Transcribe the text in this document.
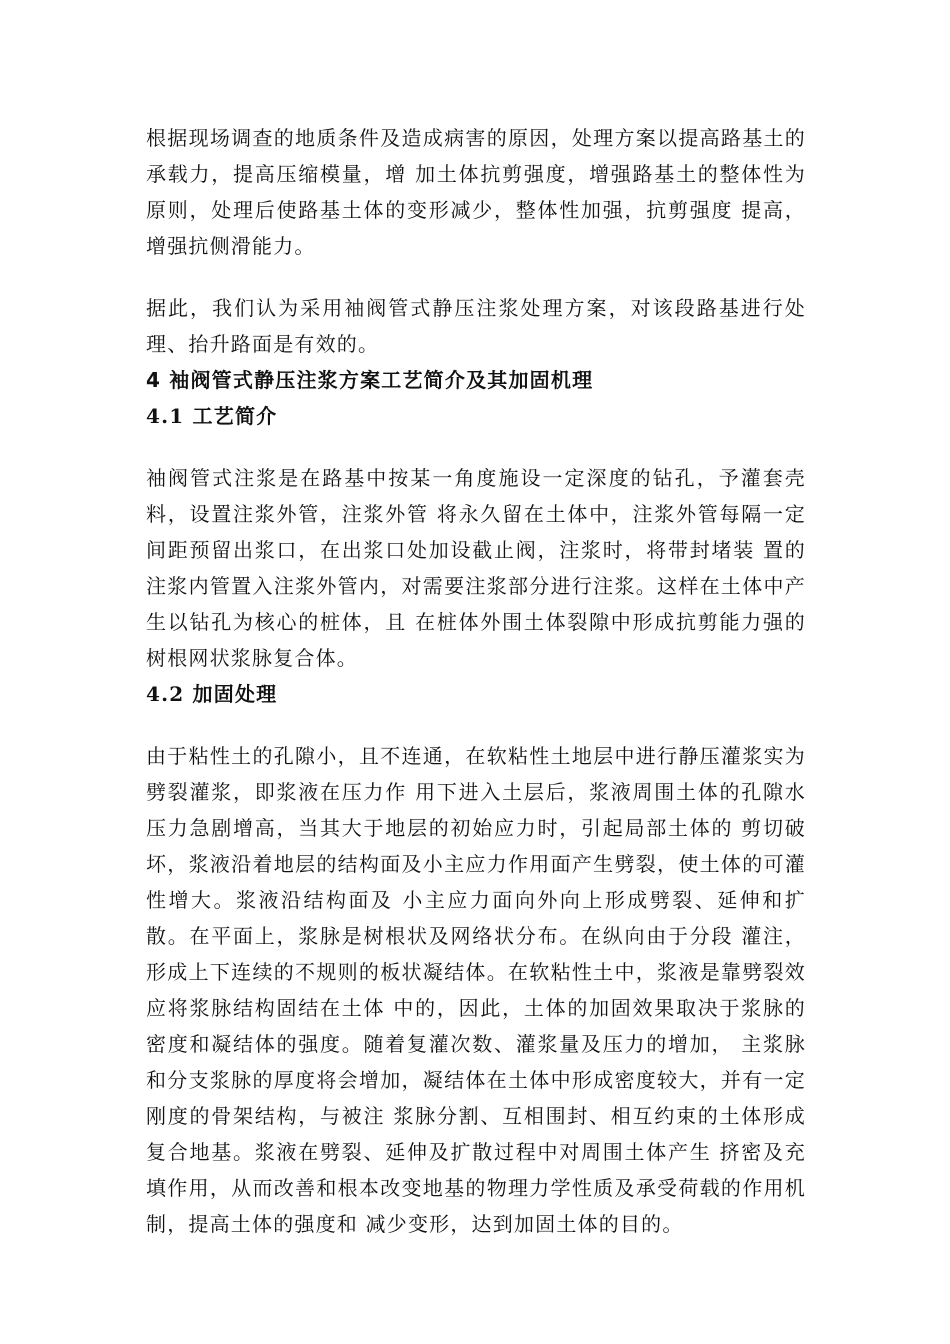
根据现场调查的地质条件及造成病害的原因，处理方案以提高路基土的承载力，提高压缩模量，增 加土体抗剪强度，增强路基土的整体性为原则，处理后使路基土体的变形减少，整体性加强，抗剪强度 提高，增强抗侧滑能力。

据此，我们认为采用袖阀管式静压注浆处理方案，对该段路基进行处理、抬升路面是有效的。

4 袖阀管式静压注浆方案工艺简介及其加固机理
4.1 工艺简介

袖阀管式注浆是在路基中按某一角度施设一定深度的钻孔，予灌套壳料，设置注浆外管，注浆外管 将永久留在土体中，注浆外管每隔一定间距预留出浆口，在出浆口处加设截止阀，注浆时，将带封堵装 置的注浆内管置入注浆外管内，对需要注浆部分进行注浆。这样在土体中产生以钻孔为核心的桩体，且 在桩体外围土体裂隙中形成抗剪能力强的树根网状浆脉复合体。

4.2 加固处理

由于粘性土的孔隙小，且不连通，在软粘性土地层中进行静压灌浆实为劈裂灌浆，即浆液在压力作 用下进入土层后，浆液周围土体的孔隙水压力急剧增高，当其大于地层的初始应力时，引起局部土体的 剪切破坏，浆液沿着地层的结构面及小主应力作用面产生劈裂，使土体的可灌性增大。浆液沿结构面及 小主应力面向外向上形成劈裂、延伸和扩散。在平面上，浆脉是树根状及网络状分布。在纵向由于分段 灌注，形成上下连续的不规则的板状凝结体。在软粘性土中，浆液是靠劈裂效应将浆脉结构固结在土体 中的，因此，土体的加固效果取决于浆脉的密度和凝结体的强度。随着复灌次数、灌浆量及压力的增加， 主浆脉和分支浆脉的厚度将会增加，凝结体在土体中形成密度较大，并有一定刚度的骨架结构，与被注 浆脉分割、互相围封、相互约束的土体形成复合地基。浆液在劈裂、延伸及扩散过程中对周围土体产生 挤密及充填作用，从而改善和根本改变地基的物理力学性质及承受荷载的作用机制，提高土体的强度和 减少变形，达到加固土体的目的。
